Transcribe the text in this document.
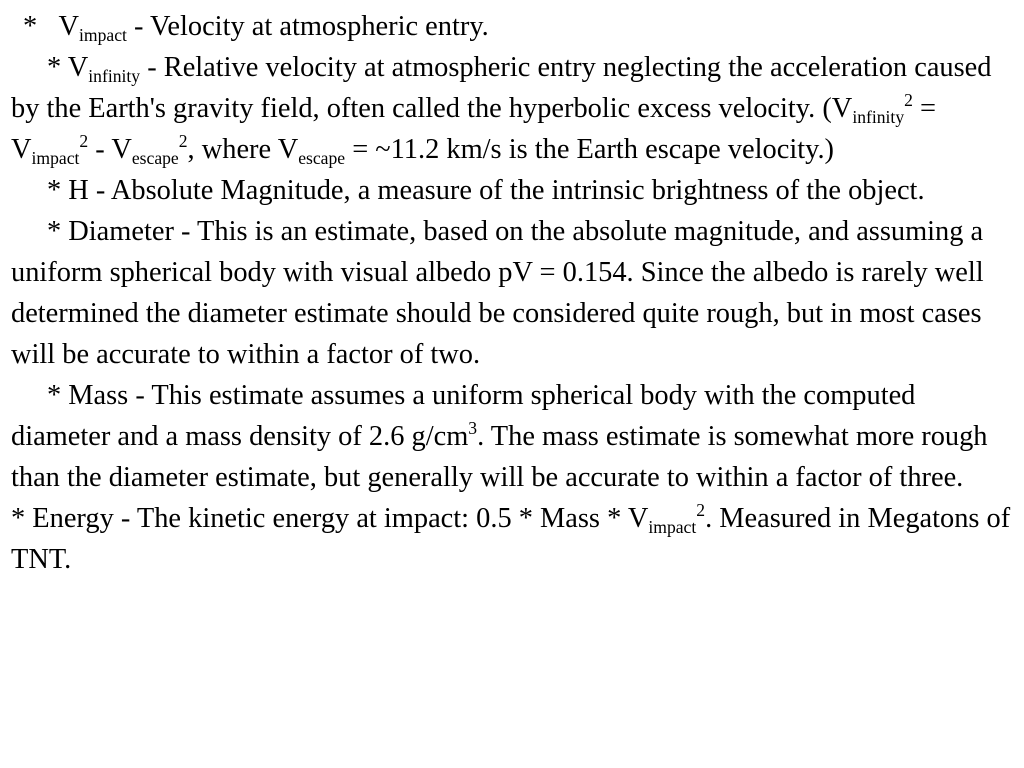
* $V_{impact}$ - Velocity at atmospheric entry.

* $V_{infinity}$ - Relative velocity at atmospheric entry neglecting the acceleration caused by the Earth's gravity field, often called the hyperbolic excess velocity. ($V_{infinity}^2 = V_{impact}^2 - V_{escape}^2$, where $V_{escape}$ = ~11.2 km/s is the Earth escape velocity.)

* H - Absolute Magnitude, a measure of the intrinsic brightness of the object.

* Diameter - This is an estimate, based on the absolute magnitude, and assuming a uniform spherical body with visual albedo pV = 0.154. Since the albedo is rarely well determined the diameter estimate should be considered quite rough, but in most cases will be accurate to within a factor of two.

* Mass - This estimate assumes a uniform spherical body with the computed diameter and a mass density of 2.6 $g/cm^3$. The mass estimate is somewhat more rough than the diameter estimate, but generally will be accurate to within a factor of three.

* Energy - The kinetic energy at impact: 0.5 * Mass * $V_{impact}^2$. Measured in Megatons of TNT.
